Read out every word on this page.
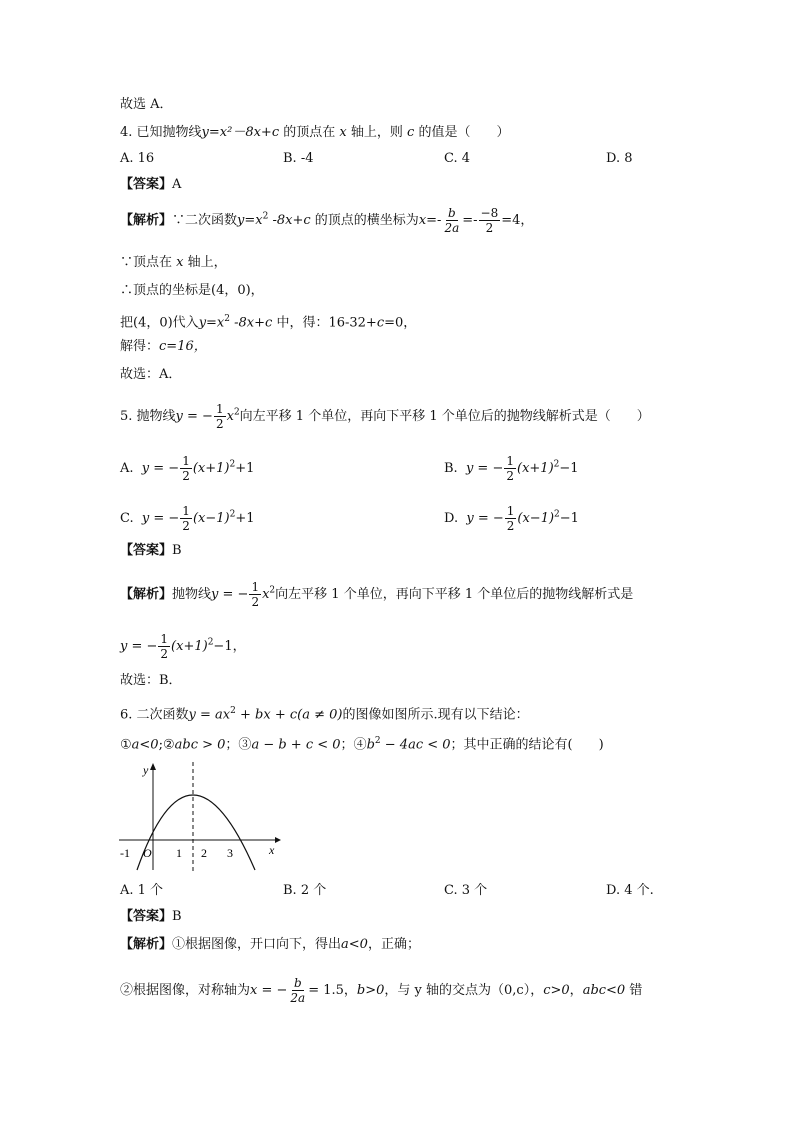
故选 A．
4. 已知抛物线y=x²－8x+c 的顶点在 x 轴上，则 c 的值是（　　）
A. 16	B. -4	C. 4	D. 8
【答案】A
【解析】∵二次函数$y=x^2$ -8x+c 的顶点的横坐标为$x=- \frac{b}{2a} =- \frac{-8}{2} =4$，
∵顶点在 x 轴上，
∴顶点的坐标是(4，0)，
把(4，0)代入$y=x^2$ -8x+c 中，得：16-32+c=0，
解得：c=16，
故选：A．
5. 抛物线y = − $\frac{1}{2} x^2$向左平移 1 个单位，再向下平移 1 个单位后的抛物线解析式是（　　）
A. y = − $\frac{1}{2} (x+1)^2+1$	B. y = − $\frac{1}{2} (x+1)^2-1$
C. y = − $\frac{1}{2} (x-1)^2+1$	D. y = − $\frac{1}{2} (x-1)^2-1$
【答案】B
【解析】抛物线y = − $\frac{1}{2} x^2$向左平移 1 个单位，再向下平移 1 个单位后的抛物线解析式是
y = − $\frac{1}{2} (x+1)^2-1$，
故选：B．
6. 二次函数$y = ax^2$ + bx + c(a ≠ 0)的图像如图所示.现有以下结论：
①a<0;②abc > 0；③a − b + c < 0；$④b^2 - 4ac < 0$；其中正确的结论有(　　)
y
x
O
-1	1 2 3
A. 1 个	B. 2 个	C. 3 个	D. 4 个.
【答案】B
【解析】①根据图像，开口向下，得出a<0，正确；
②根据图像，对称轴为x = − $\frac{b}{2a} = 1.5$，b>0，与 y 轴的交点为（0,c），c>0，abc<0 错
